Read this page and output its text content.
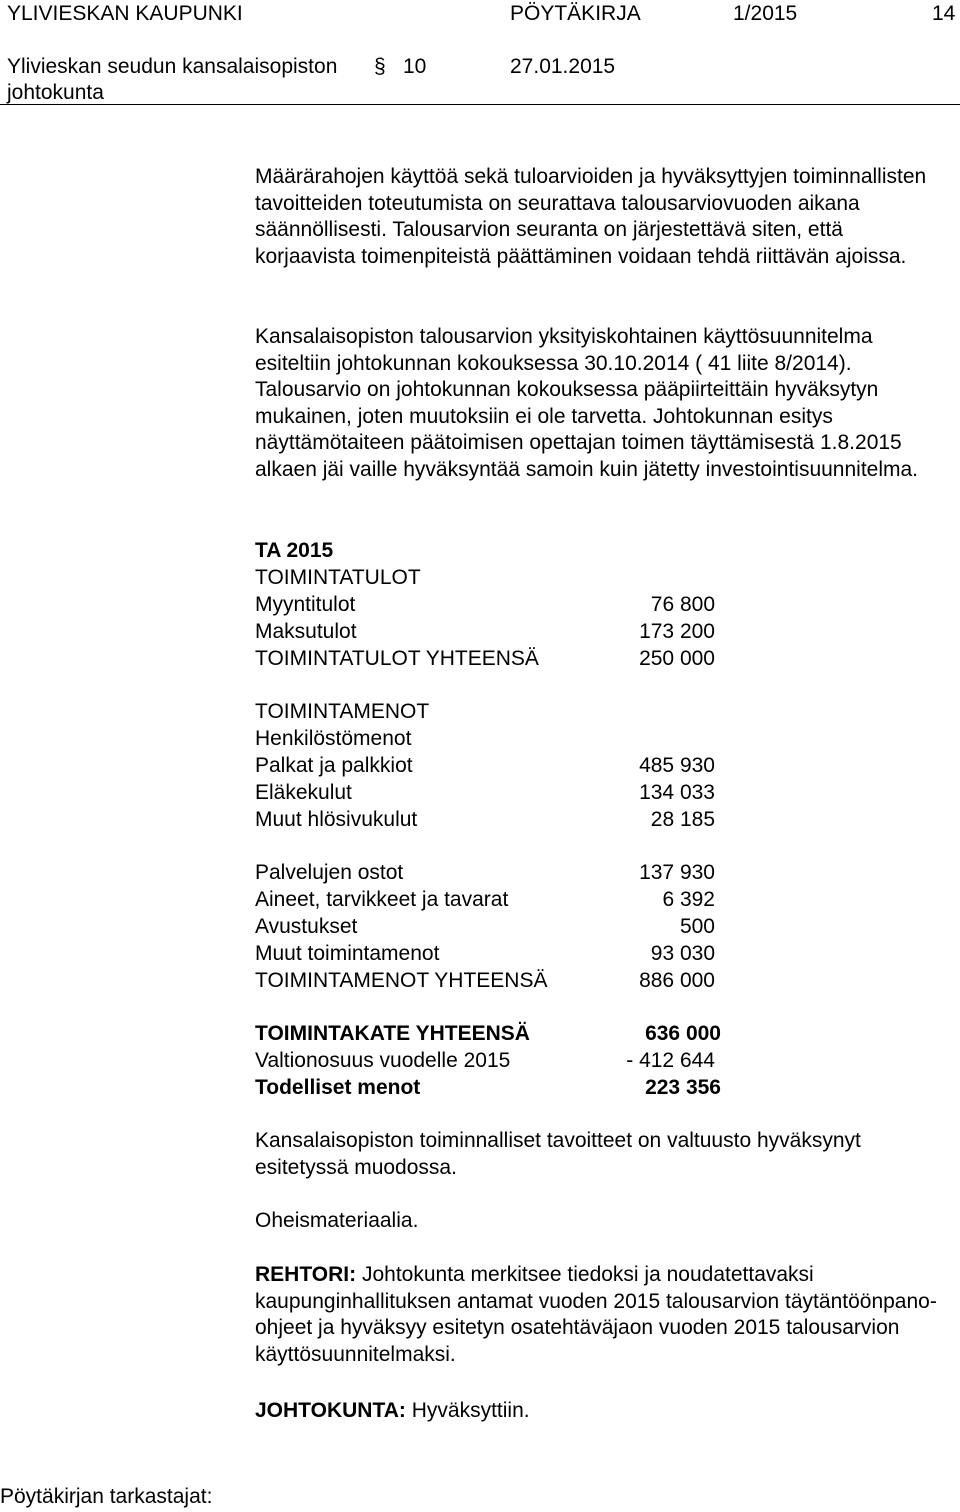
YLIVIESKAN KAUPUNKI	PÖYTÄKIRJA	1/2015	14
Ylivieskan seudun kansalaisopiston § 10	27.01.2015
johtokunta

Määrärahojen käyttöä sekä tuloarvioiden ja hyväksyttyjen toiminnallisten tavoitteiden toteutumista on seurattava talousarviovuoden aikana säännöllisesti. Talousarvion seuranta on järjestettävä siten, että korjaavista toimenpiteistä päättäminen voidaan tehdä riittävän ajoissa.

Kansalaisopiston talousarvion yksityiskohtainen käyttösuunnitelma esiteltiin johtokunnan kokouksessa 30.10.2014 ( 41 liite 8/2014). Talousarvio on johtokunnan kokouksessa pääpiirteittäin hyväksytyn mukainen, joten muutoksiin ei ole tarvetta. Johtokunnan esitys näyttämötaiteen päätoimisen opettajan toimen täyttämisestä 1.8.2015 alkaen jäi vaille hyväksyntää samoin kuin jätetty investointisuunnitelma.

TA 2015
TOIMINTATULOT
Myyntitulot	76 800
Maksutulot	173 200
TOIMINTATULOT YHTEENSÄ	250 000
TOIMINTAMENOT
Henkilöstömenot
Palkat ja palkkiot	485 930
Eläkekulut	134 033
Muut hlösivukulut	28 185
Palvelujen ostot	137 930
Aineet, tarvikkeet ja tavarat	6 392
Avustukset	500
Muut toimintamenot	93 030
TOIMINTAMENOT YHTEENSÄ	886 000
TOIMINTAKATE YHTEENSÄ	636 000
Valtionosuus vuodelle 2015	- 412 644
Todelliset menot	223 356

Kansalaisopiston toiminnalliset tavoitteet on valtuusto hyväksynyt esitetyssä muodossa.

Oheismateriaalia.

REHTORI: Johtokunta merkitsee tiedoksi ja noudatettavaksi kaupunginhallituksen antamat vuoden 2015 talousarvion täytäntöönpano-ohjeet ja hyväksyy esitetyn osatehtäväjaon vuoden 2015 talousarvion käyttösuunnitelmaksi.

JOHTOKUNTA: Hyväksyttiin.

Pöytäkirjan tarkastajat:
